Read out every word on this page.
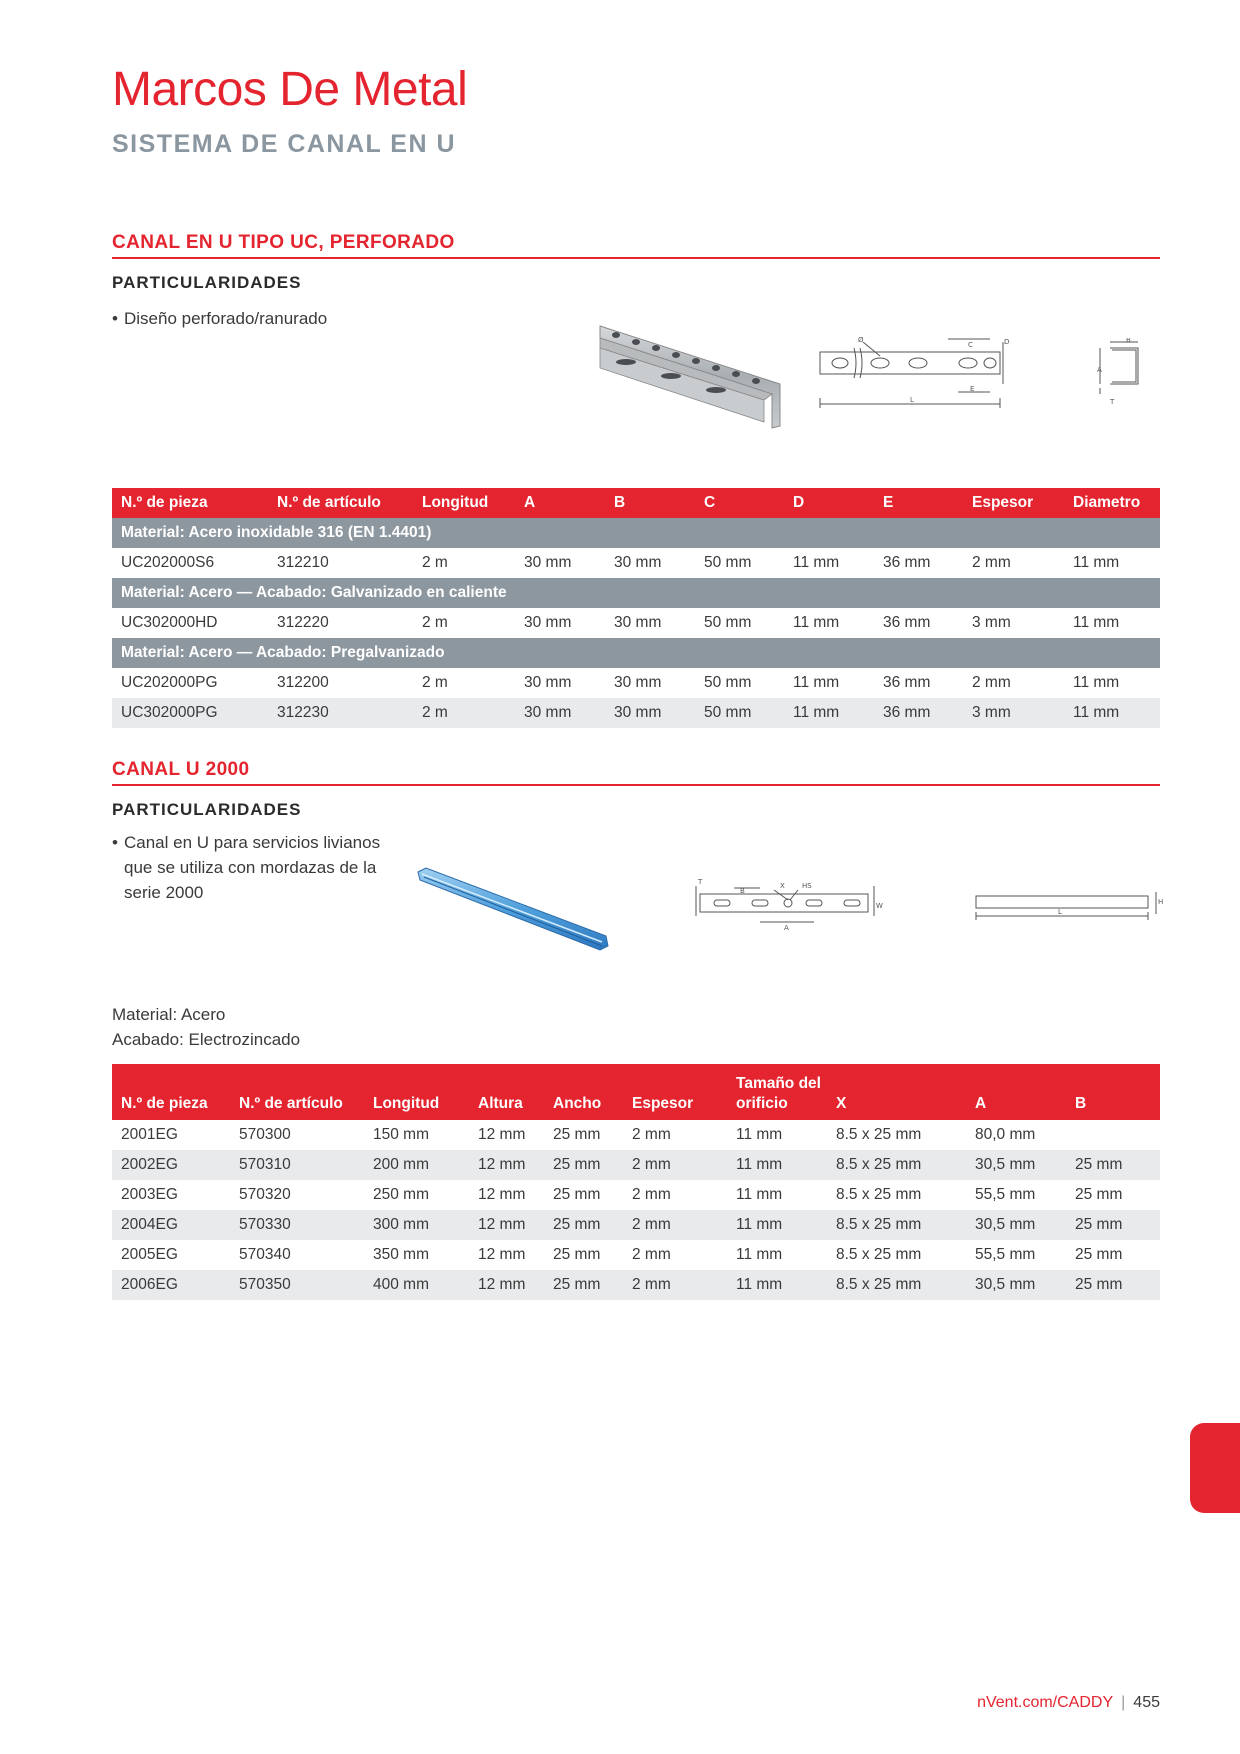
Marcos De Metal
SISTEMA DE CANAL EN U
CANAL EN U TIPO UC, PERFORADO
PARTICULARIDADES
• Diseño perforado/ranurado
Ø
C	D
E
L
B
A
T
N.º de pieza	N.º de artículo	Longitud	A	B	C	D	E	Espesor	Diametro
Material: Acero inoxidable 316 (EN 1.4401)									
UC202000S6	312210	2 m	30 mm	30 mm	50 mm	11 mm	36 mm	2 mm	11 mm
Material: Acero — Acabado: Galvanizado en caliente									
UC302000HD	312220	2 m	30 mm	30 mm	50 mm	11 mm	36 mm	3 mm	11 mm
Material: Acero — Acabado: Pregalvanizado									
UC202000PG	312200	2 m	30 mm	30 mm	50 mm	11 mm	36 mm	2 mm	11 mm
UC302000PG	312230	2 m	30 mm	30 mm	50 mm	11 mm	36 mm	3 mm	11 mm
CANAL U 2000
PARTICULARIDADES
• Canal en U para servicios livianos que se utiliza con mordazas de la serie 2000
T
B
X HS
W
A
H
L
Material: Acero
Acabado: Electrozincado
N.º de pieza	N.º de artículo	Longitud	Altura	Ancho	Espesor	Tamaño del orificio	X	A	B
2001EG	570300	150 mm	12 mm	25 mm	2 mm	11 mm	8.5 x 25 mm	80,0 mm	
2002EG	570310	200 mm	12 mm	25 mm	2 mm	11 mm	8.5 x 25 mm	30,5 mm	25 mm
2003EG	570320	250 mm	12 mm	25 mm	2 mm	11 mm	8.5 x 25 mm	55,5 mm	25 mm
2004EG	570330	300 mm	12 mm	25 mm	2 mm	11 mm	8.5 x 25 mm	30,5 mm	25 mm
2005EG	570340	350 mm	12 mm	25 mm	2 mm	11 mm	8.5 x 25 mm	55,5 mm	25 mm
2006EG	570350	400 mm	12 mm	25 mm	2 mm	11 mm	8.5 x 25 mm	30,5 mm	25 mm
nVent.com/CADDY | 455
